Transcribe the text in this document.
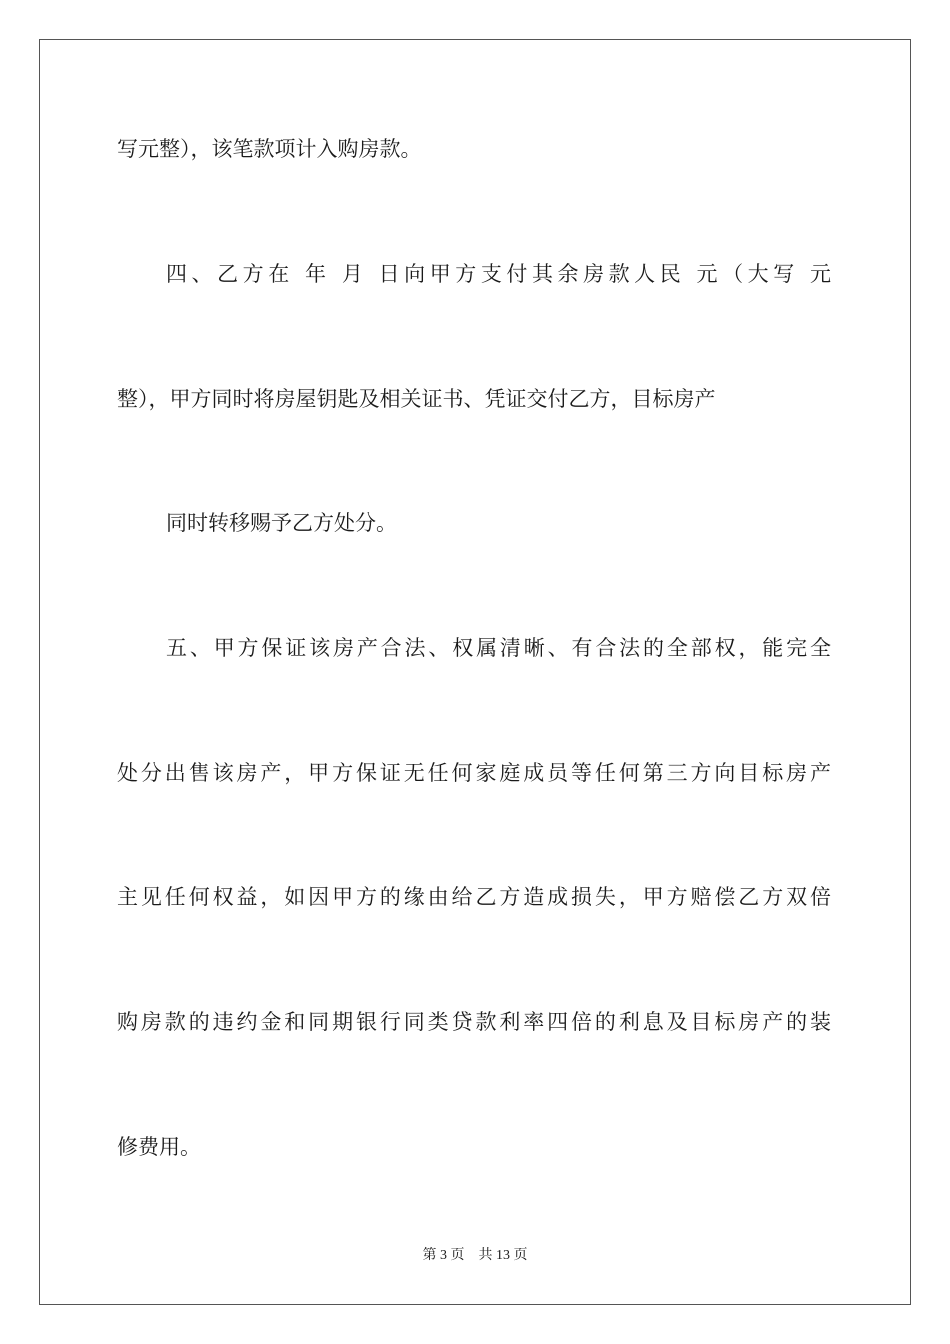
写元整），该笔款项计入购房款。
四、乙方在 年 月 日向甲方支付其余房款人民 元（大写 元
整），甲方同时将房屋钥匙及相关证书、凭证交付乙方，目标房产
同时转移赐予乙方处分。
五、甲方保证该房产合法、权属清晰、有合法的全部权，能完全
处分出售该房产，甲方保证无任何家庭成员等任何第三方向目标房产
主见任何权益，如因甲方的缘由给乙方造成损失，甲方赔偿乙方双倍
购房款的违约金和同期银行同类贷款利率四倍的利息及目标房产的装
修费用。
第 3 页    共 13 页
